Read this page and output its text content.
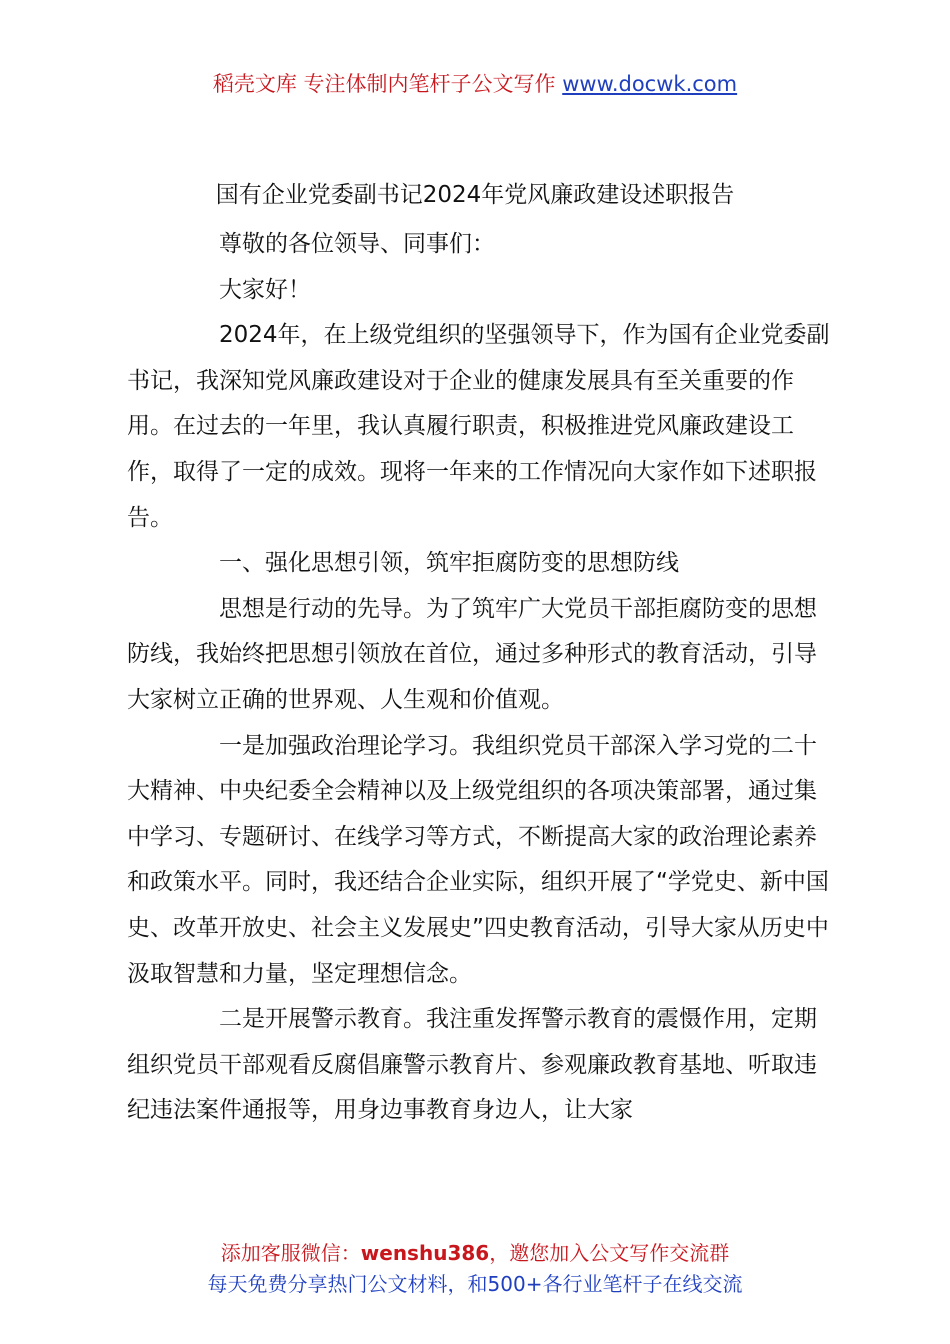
稻壳文库 专注体制内笔杆子公文写作 www.docwk.com
国有企业党委副书记2024年党风廉政建设述职报告

尊敬的各位领导、同事们：

大家好！

2024年，在上级党组织的坚强领导下，作为国有企业党委副书记，我深知党风廉政建设对于企业的健康发展具有至关重要的作用。在过去的一年里，我认真履行职责，积极推进党风廉政建设工作，取得了一定的成效。现将一年来的工作情况向大家作如下述职报告。

一、强化思想引领，筑牢拒腐防变的思想防线

思想是行动的先导。为了筑牢广大党员干部拒腐防变的思想防线，我始终把思想引领放在首位，通过多种形式的教育活动，引导大家树立正确的世界观、人生观和价值观。

一是加强政治理论学习。我组织党员干部深入学习党的二十大精神、中央纪委全会精神以及上级党组织的各项决策部署，通过集中学习、专题研讨、在线学习等方式，不断提高大家的政治理论素养和政策水平。同时，我还结合企业实际，组织开展了“学党史、新中国史、改革开放史、社会主义发展史”四史教育活动，引导大家从历史中汲取智慧和力量，坚定理想信念。

二是开展警示教育。我注重发挥警示教育的震慑作用，定期组织党员干部观看反腐倡廉警示教育片、参观廉政教育基地、听取违纪违法案件通报等，用身边事教育身边人，让大家

添加客服微信：wenshu386，邀您加入公文写作交流群
每天免费分享热门公文材料，和500+各行业笔杆子在线交流
